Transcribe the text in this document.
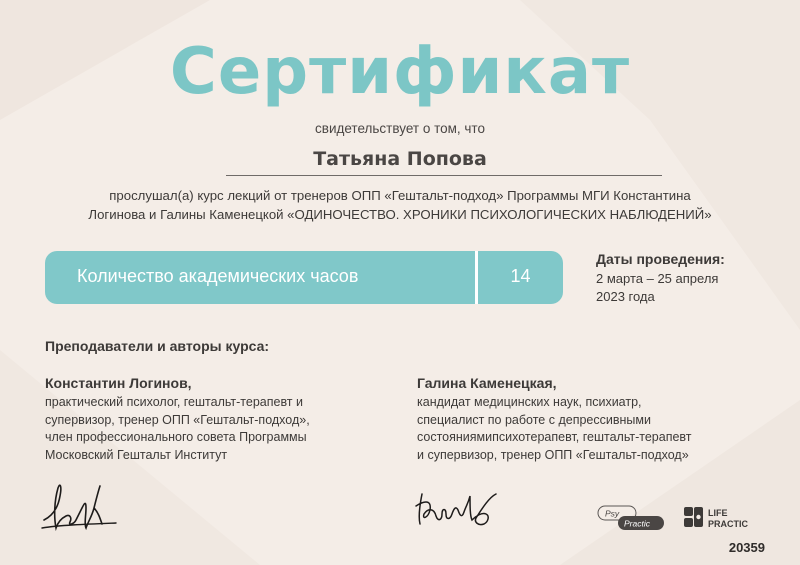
Сертификат
свидетельствует о том, что
Татьяна Попова
прослушал(а) курс лекций от тренеров ОПП «Гештальт-подход» Программы МГИ Константина
Логинова и Галины Каменецкой «ОДИНОЧЕСТВО. ХРОНИКИ ПСИХОЛОГИЧЕСКИХ НАБЛЮДЕНИЙ»
Количество академических часов	14
Даты проведения:
2 марта – 25 апреля
2023 года
Преподаватели и авторы курса:
Константин Логинов,
практический психолог, гештальт-терапевт и
супервизор, тренер ОПП «Гештальт-подход»,
член профессионального совета Программы
Московский Гештальт Институт
Галина Каменецкая,
кандидат медицинских наук, психиатр,
специалист по работе с депрессивными
состояниямипсихотерапевт, гештальт-терапевт
и супервизор, тренер ОПП «Гештальт-подход»
Psy
Practic
LIFE
PRACTIC
20359
